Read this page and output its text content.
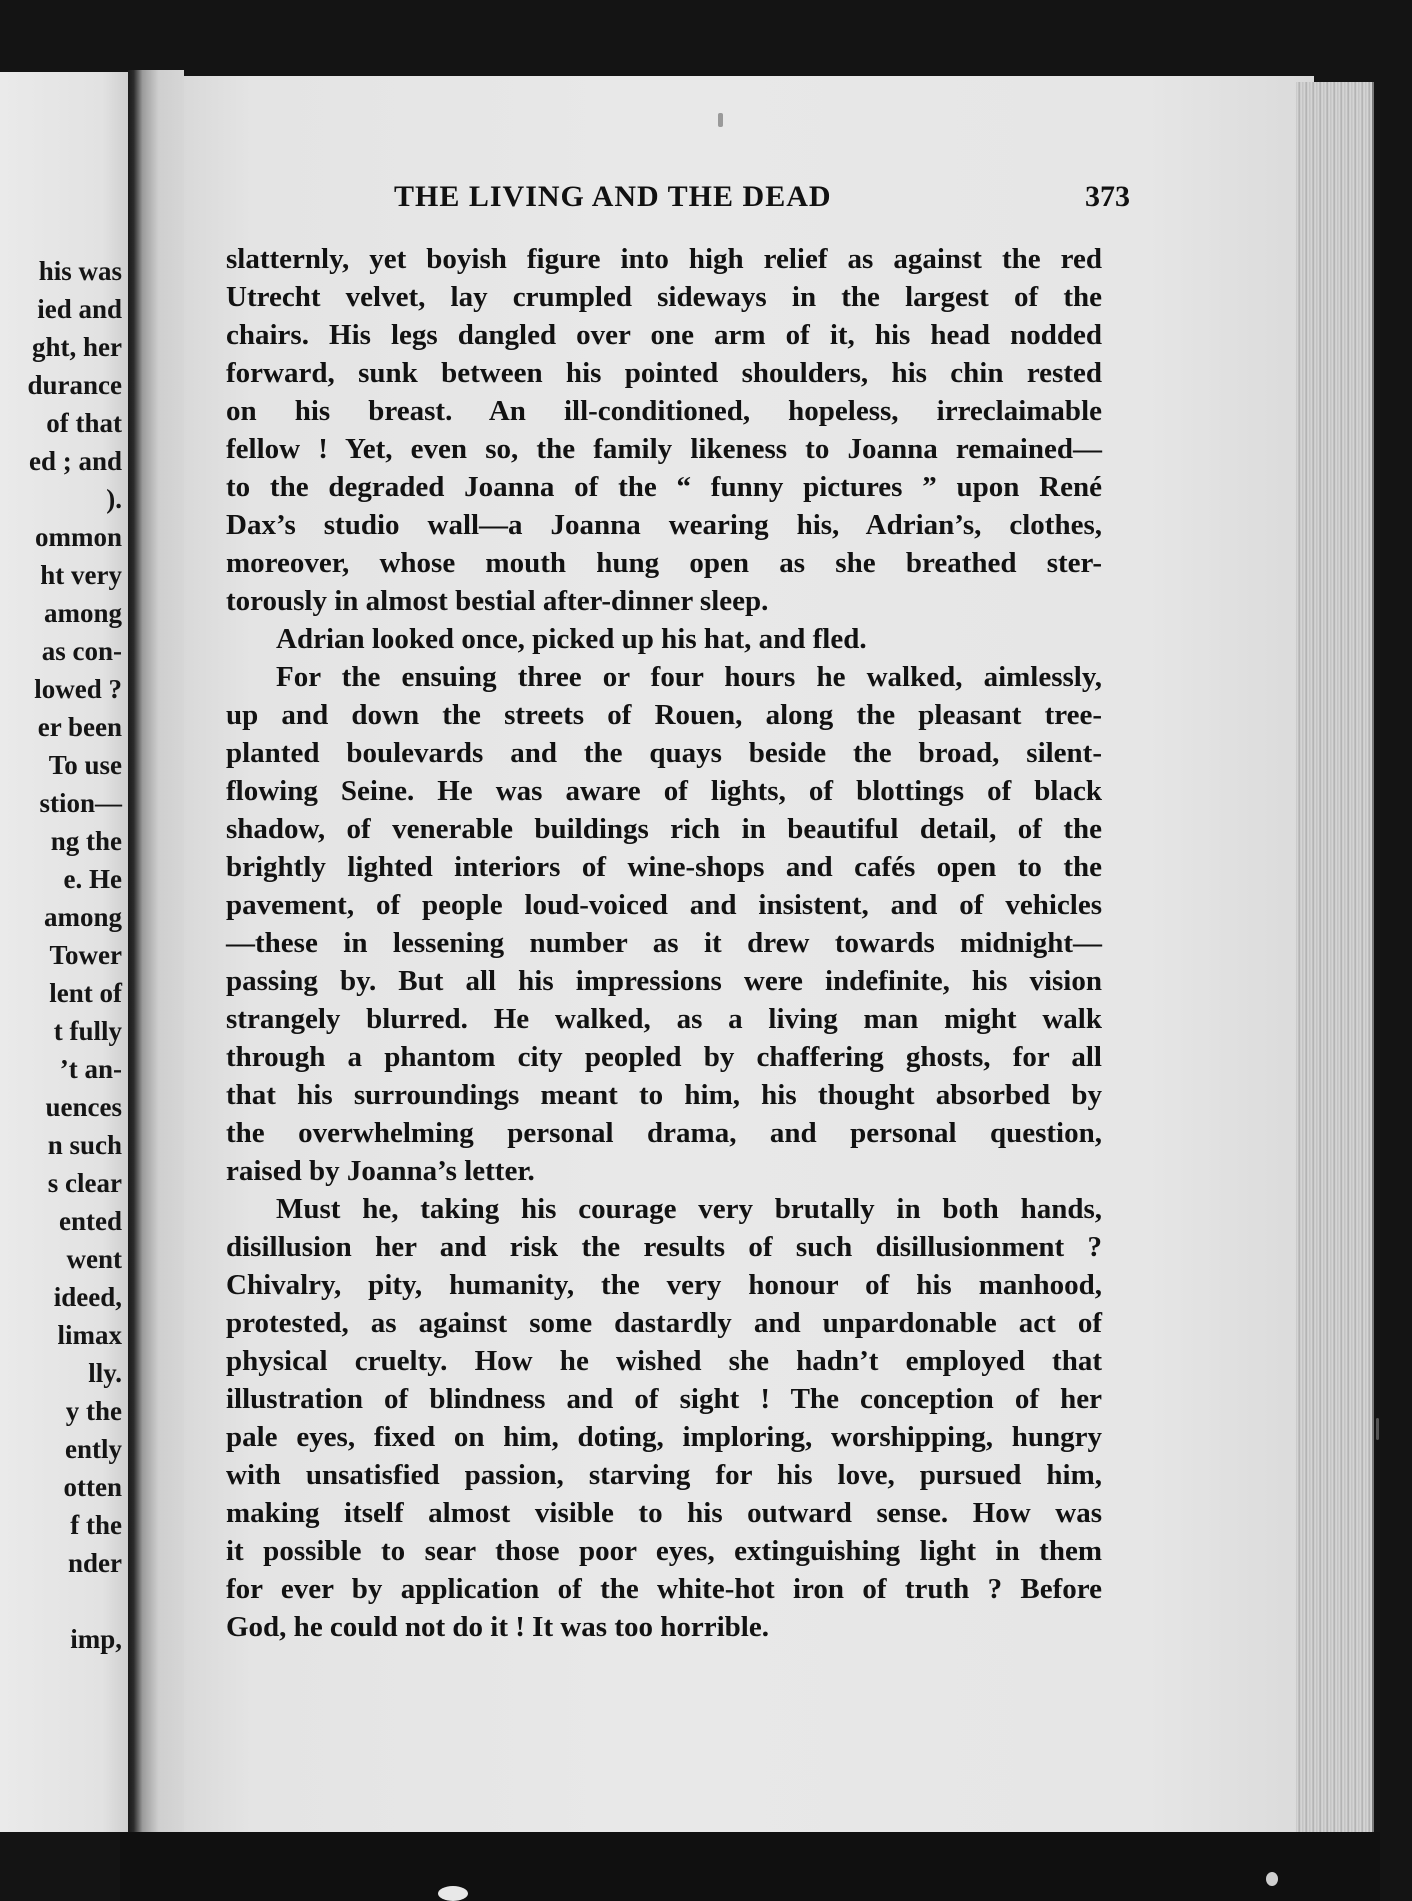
his was
ied and
ght, her
durance
of that
ed ; and
).
ommon
ht very
among
as con-
lowed ?
er been
To use
stion—
ng the
e. He
among
Tower
lent of
t fully
’t an-
uences
n such
s clear
ented
went
ideed,
limax
lly.
y the
ently
otten
f the
nder
imp,
THE LIVING AND THE DEAD	373
slatternly, yet boyish figure into high relief as against the red
Utrecht velvet, lay crumpled sideways in the largest of the
chairs. His legs dangled over one arm of it, his head nodded
forward, sunk between his pointed shoulders, his chin rested
on his breast. An ill-conditioned, hopeless, irreclaimable
fellow ! Yet, even so, the family likeness to Joanna remained—
to the degraded Joanna of the “ funny pictures ” upon René
Dax’s studio wall—a Joanna wearing his, Adrian’s, clothes,
moreover, whose mouth hung open as she breathed ster-
torously in almost bestial after-dinner sleep.
Adrian looked once, picked up his hat, and fled.
For the ensuing three or four hours he walked, aimlessly,
up and down the streets of Rouen, along the pleasant tree-
planted boulevards and the quays beside the broad, silent-
flowing Seine. He was aware of lights, of blottings of black
shadow, of venerable buildings rich in beautiful detail, of the
brightly lighted interiors of wine-shops and cafés open to the
pavement, of people loud-voiced and insistent, and of vehicles
—these in lessening number as it drew towards midnight—
passing by. But all his impressions were indefinite, his vision
strangely blurred. He walked, as a living man might walk
through a phantom city peopled by chaffering ghosts, for all
that his surroundings meant to him, his thought absorbed by
the overwhelming personal drama, and personal question,
raised by Joanna’s letter.
Must he, taking his courage very brutally in both hands,
disillusion her and risk the results of such disillusionment ?
Chivalry, pity, humanity, the very honour of his manhood,
protested, as against some dastardly and unpardonable act of
physical cruelty. How he wished she hadn’t employed that
illustration of blindness and of sight ! The conception of her
pale eyes, fixed on him, doting, imploring, worshipping, hungry
with unsatisfied passion, starving for his love, pursued him,
making itself almost visible to his outward sense. How was
it possible to sear those poor eyes, extinguishing light in them
for ever by application of the white-hot iron of truth ? Before
God, he could not do it ! It was too horrible.
